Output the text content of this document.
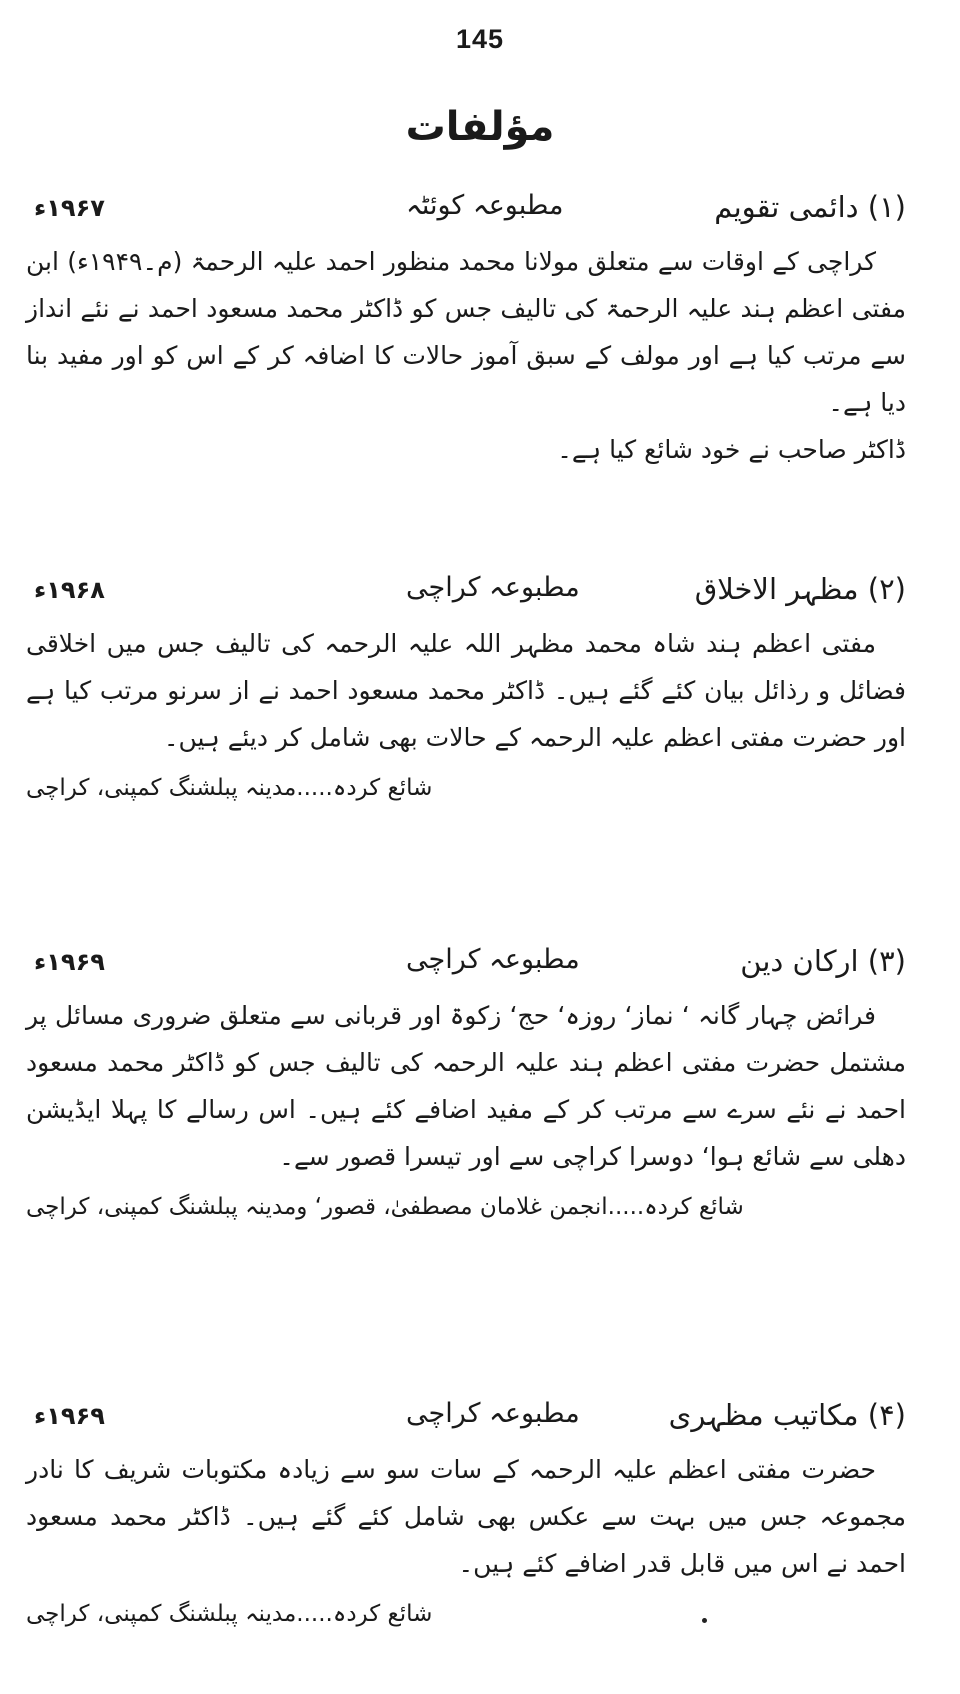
145
مؤلفات
(۱) دائمی تقویم
مطبوعہ کوئٹہ
۱۹۶۷ء
کراچی کے اوقات سے متعلق مولانا محمد منظور احمد علیہ الرحمۃ (م۔۱۹۴۹ء) ابن مفتی اعظم ہند علیہ الرحمۃ کی تالیف جس کو ڈاکٹر محمد مسعود احمد نے نئے انداز سے مرتب کیا ہے اور مولف کے سبق آموز حالات کا اضافہ کر کے اس کو اور مفید بنا دیا ہے۔
ڈاکٹر صاحب نے خود شائع کیا ہے۔
(۲) مظہر الاخلاق
مطبوعہ کراچی
۱۹۶۸ء
مفتی اعظم ہند شاہ محمد مظہر اللہ علیہ الرحمہ کی تالیف جس میں اخلاقی فضائل و رذائل بیان کئے گئے ہیں۔ ڈاکٹر محمد مسعود احمد نے از سرنو مرتب کیا ہے اور حضرت مفتی اعظم علیہ الرحمہ کے حالات بھی شامل کر دیئے ہیں۔
شائع کردہ.....مدینہ پبلشنگ کمپنی، کراچی
(۳) ارکان دین
مطبوعہ کراچی
۱۹۶۹ء
فرائض چہار گانہ ‘ نماز‘ روزہ‘ حج‘ زکوۃ اور قربانی سے متعلق ضروری مسائل پر مشتمل حضرت مفتی اعظم ہند علیہ الرحمہ کی تالیف جس کو ڈاکٹر محمد مسعود احمد نے نئے سرے سے مرتب کر کے مفید اضافے کئے ہیں۔ اس رسالے کا پہلا ایڈیشن دھلی سے شائع ہوا‘ دوسرا کراچی سے اور تیسرا قصور سے۔
شائع کردہ.....انجمن غلامان مصطفیٰ، قصور‘ ومدینہ پبلشنگ کمپنی، کراچی
(۴) مکاتیب مظہری
مطبوعہ کراچی
۱۹۶۹ء
حضرت مفتی اعظم علیہ الرحمہ کے سات سو سے زیادہ مکتوبات شریف کا نادر مجموعہ جس میں بہت سے عکس بھی شامل کئے گئے ہیں۔ ڈاکٹر محمد مسعود احمد نے اس میں قابل قدر اضافے کئے ہیں۔
شائع کردہ.....مدینہ پبلشنگ کمپنی، کراچی
